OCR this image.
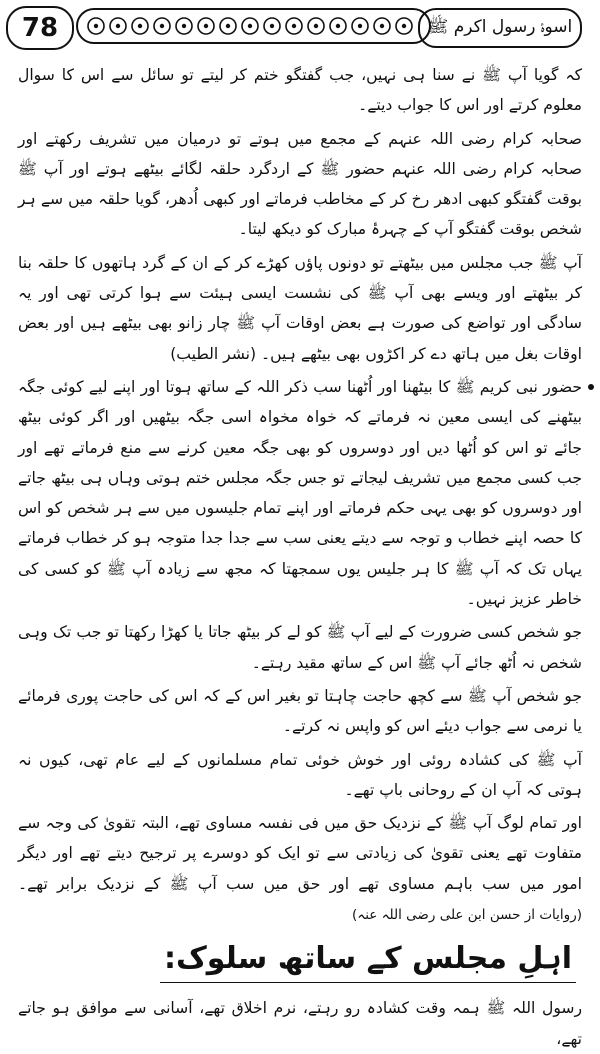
78	اسوۂ رسول اکرم ﷺ

کہ گویا آپ ﷺ نے سنا ہی نہیں، جب گفتگو ختم کر لیتے تو سائل سے اس کا سوال معلوم کرتے اور اس کا جواب دیتے۔

صحابہ کرام رضی اللہ عنہم کے مجمع میں ہوتے تو درمیان میں تشریف رکھتے اور صحابہ کرام رضی اللہ عنہم حضور ﷺ کے اردگرد حلقہ لگائے بیٹھے ہوتے اور آپ ﷺ بوقت گفتگو کبھی ادھر رخ کر کے مخاطب فرماتے اور کبھی اُدھر، گویا حلقہ میں سے ہر شخص بوقت گفتگو آپ کے چہرۂ مبارک کو دیکھ لیتا۔

آپ ﷺ جب مجلس میں بیٹھتے تو دونوں پاؤں کھڑے کر کے ان کے گرد ہاتھوں کا حلقہ بنا کر بیٹھتے اور ویسے بھی آپ ﷺ کی نشست ایسی ہیئت سے ہوا کرتی تھی اور یہ سادگی اور تواضع کی صورت ہے بعض اوقات آپ ﷺ چار زانو بھی بیٹھے ہیں اور بعض اوقات بغل میں ہاتھ دے کر اکڑوں بھی بیٹھے ہیں۔ (نشر الطیب)

حضور نبی کریم ﷺ کا بیٹھنا اور اُٹھنا سب ذکر اللہ کے ساتھ ہوتا اور اپنے لیے کوئی جگہ بیٹھنے کی ایسی معین نہ فرماتے کہ خواہ مخواہ اسی جگہ بیٹھیں اور اگر کوئی بیٹھ جائے تو اس کو اُٹھا دیں اور دوسروں کو بھی جگہ معین کرنے سے منع فرماتے تھے اور جب کسی مجمع میں تشریف لیجاتے تو جس جگہ مجلس ختم ہوتی وہاں ہی بیٹھ جاتے اور دوسروں کو بھی یہی حکم فرماتے اور اپنے تمام جلیسوں میں سے ہر شخص کو اس کا حصہ اپنے خطاب و توجہ سے دیتے یعنی سب سے جدا جدا متوجہ ہو کر خطاب فرماتے یہاں تک کہ آپ ﷺ کا ہر جلیس یوں سمجھتا کہ مجھ سے زیادہ آپ ﷺ کو کسی کی خاطر عزیز نہیں۔

جو شخص کسی ضرورت کے لیے آپ ﷺ کو لے کر بیٹھ جاتا یا کھڑا رکھتا تو جب تک وہی شخص نہ اُٹھ جائے آپ ﷺ اس کے ساتھ مقید رہتے۔

جو شخص آپ ﷺ سے کچھ حاجت چاہتا تو بغیر اس کے کہ اس کی حاجت پوری فرمائے یا نرمی سے جواب دیئے اس کو واپس نہ کرتے۔

آپ ﷺ کی کشادہ روئی اور خوش خوئی تمام مسلمانوں کے لیے عام تھی، کیوں نہ ہوتی کہ آپ ان کے روحانی باپ تھے۔

اور تمام لوگ آپ ﷺ کے نزدیک حق میں فی نفسہ مساوی تھے، البتہ تقویٰ کی وجہ سے متفاوت تھے یعنی تقویٰ کی زیادتی سے تو ایک کو دوسرے پر ترجیح دیتے تھے اور دیگر امور میں سب باہم مساوی تھے اور حق میں سب آپ ﷺ کے نزدیک برابر تھے۔ (روایات از حسن ابن علی رضی اللہ عنہ)

اہلِ مجلس کے ساتھ سلوک:

رسول اللہ ﷺ ہمہ وقت کشادہ رو رہتے، نرم اخلاق تھے، آسانی سے موافق ہو جاتے تھے،
